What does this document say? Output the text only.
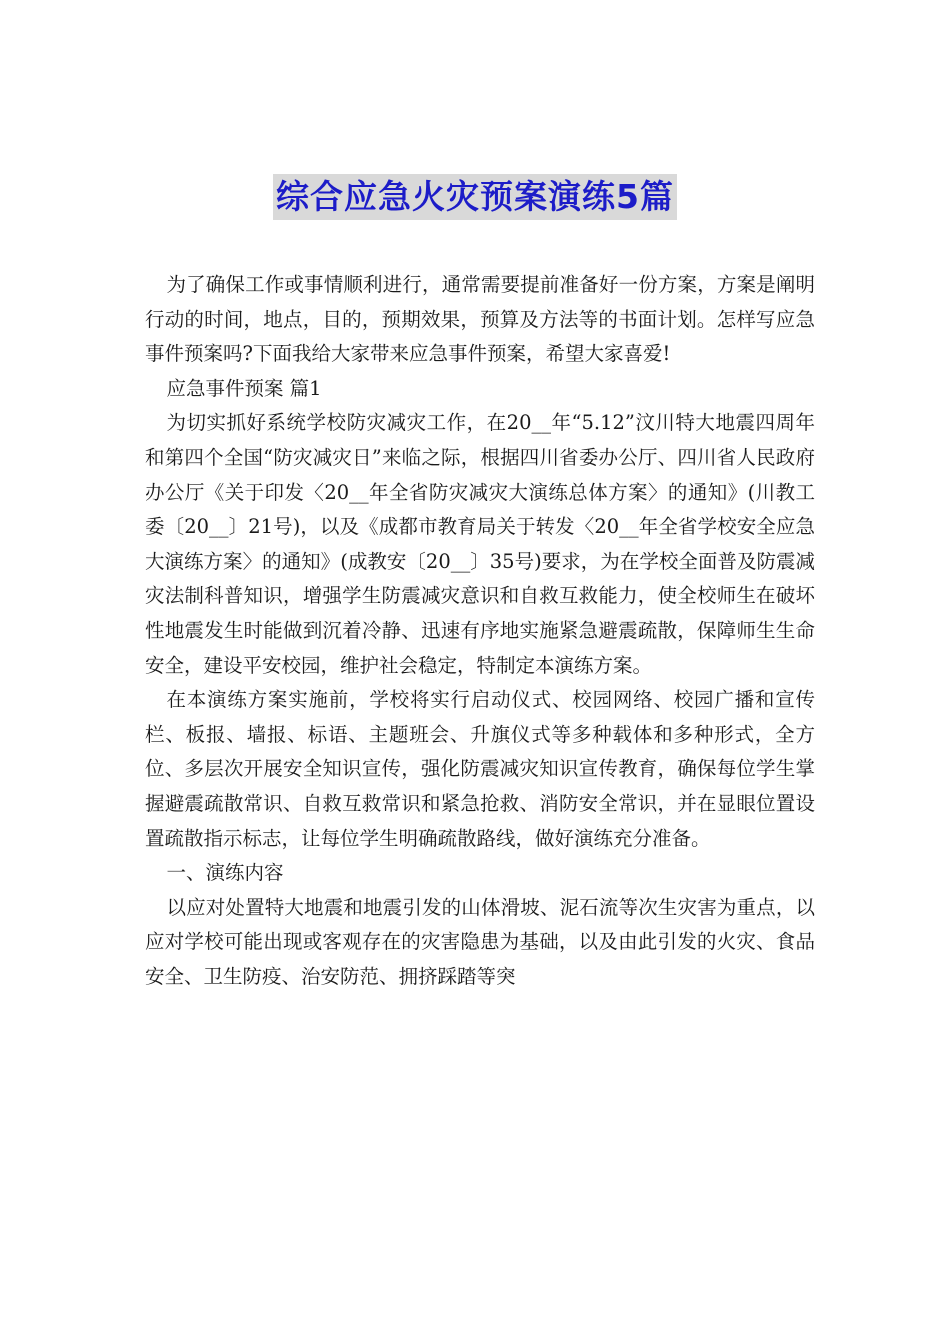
综合应急火灾预案演练5篇

为了确保工作或事情顺利进行，通常需要提前准备好一份方案，方案是阐明行动的时间，地点，目的，预期效果，预算及方法等的书面计划。怎样写应急事件预案吗?下面我给大家带来应急事件预案，希望大家喜爱!

应急事件预案 篇1

为切实抓好系统学校防灾减灾工作，在20__年“5.12”汶川特大地震四周年和第四个全国“防灾减灾日”来临之际，根据四川省委办公厅、四川省人民政府办公厅《关于印发〈20__年全省防灾减灾大演练总体方案〉的通知》(川教工委〔20__〕21号)，以及《成都市教育局关于转发〈20__年全省学校安全应急大演练方案〉的通知》(成教安〔20__〕35号)要求，为在学校全面普及防震减灾法制科普知识，增强学生防震减灾意识和自救互救能力，使全校师生在破坏性地震发生时能做到沉着冷静、迅速有序地实施紧急避震疏散，保障师生生命安全，建设平安校园，维护社会稳定，特制定本演练方案。

在本演练方案实施前，学校将实行启动仪式、校园网络、校园广播和宣传栏、板报、墙报、标语、主题班会、升旗仪式等多种载体和多种形式，全方位、多层次开展安全知识宣传，强化防震减灾知识宣传教育，确保每位学生掌握避震疏散常识、自救互救常识和紧急抢救、消防安全常识，并在显眼位置设置疏散指示标志，让每位学生明确疏散路线，做好演练充分准备。

一、演练内容

以应对处置特大地震和地震引发的山体滑坡、泥石流等次生灾害为重点，以应对学校可能出现或客观存在的灾害隐患为基础，以及由此引发的火灾、食品安全、卫生防疫、治安防范、拥挤踩踏等突
